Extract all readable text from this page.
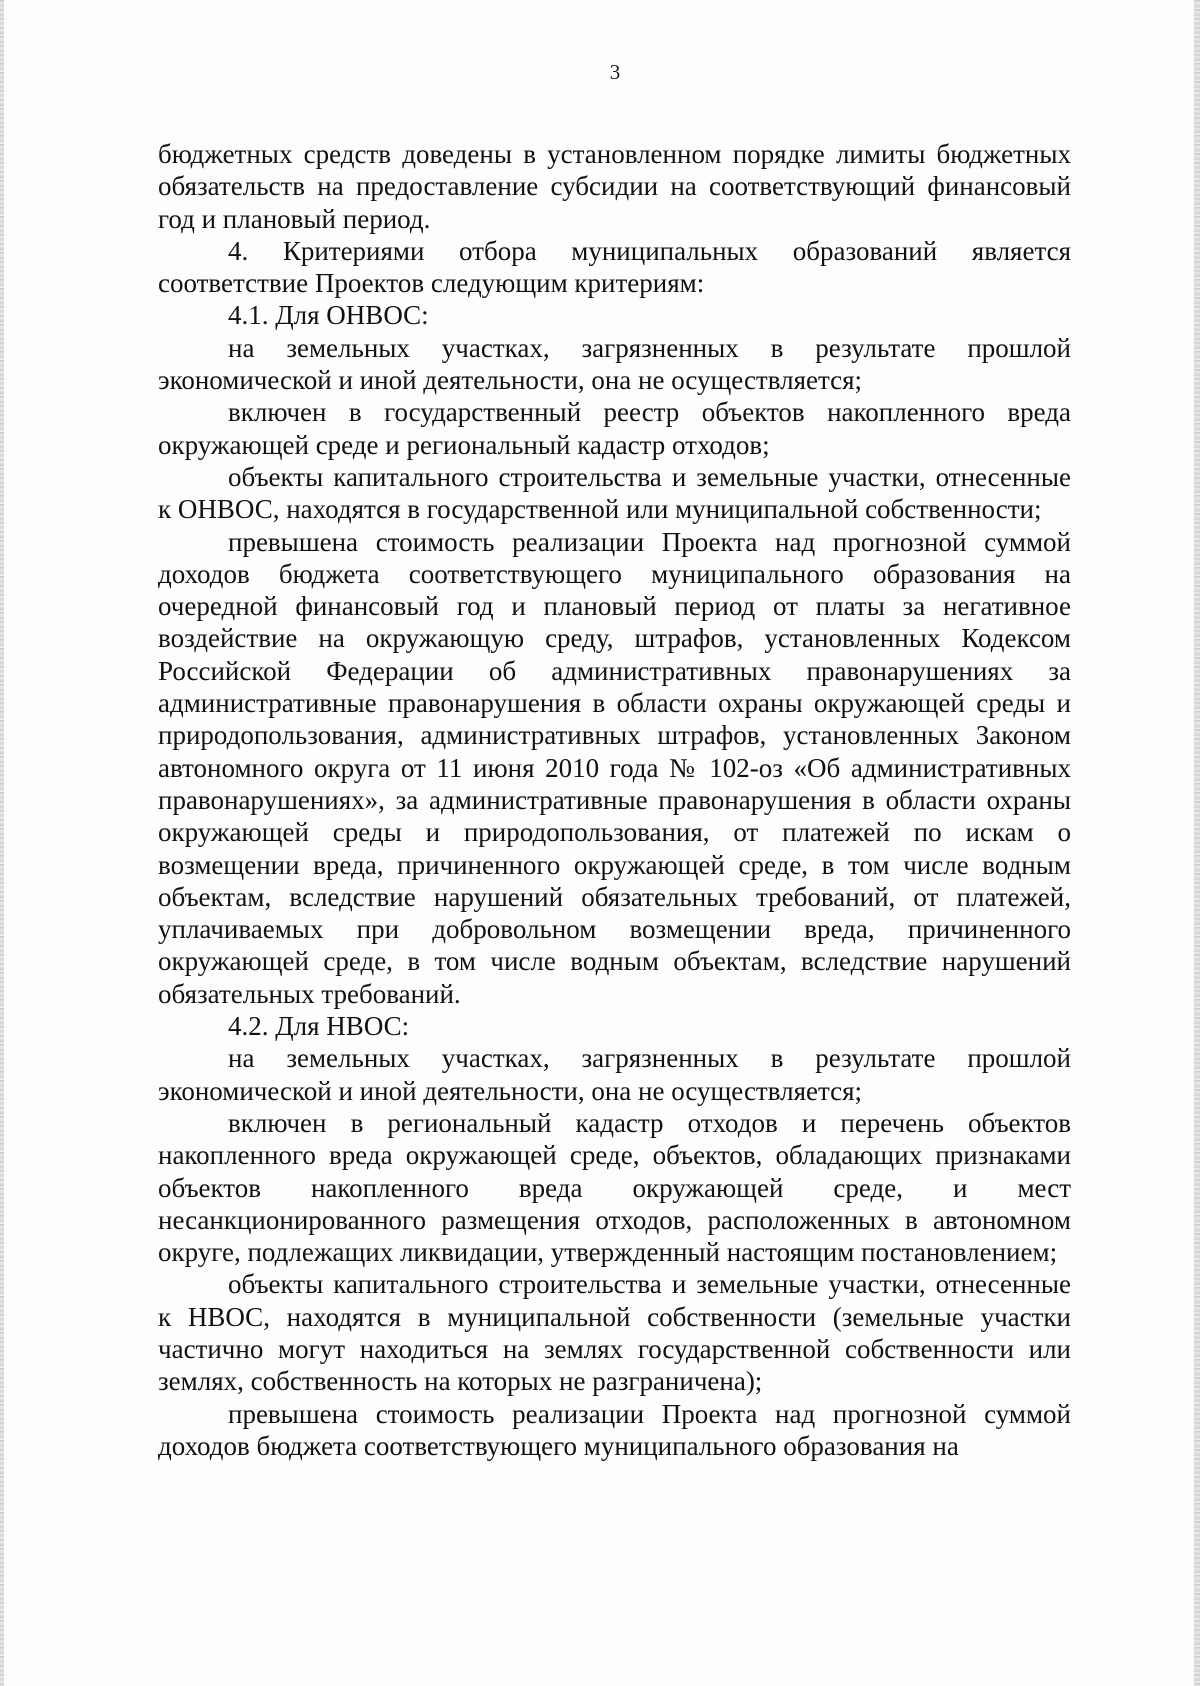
3

бюджетных средств доведены в установленном порядке лимиты бюджетных обязательств на предоставление субсидии на соответствующий финансовый год и плановый период.

4. Критериями отбора муниципальных образований является соответствие Проектов следующим критериям:

4.1. Для ОНВОС:

на земельных участках, загрязненных в результате прошлой экономической и иной деятельности, она не осуществляется;

включен в государственный реестр объектов накопленного вреда окружающей среде и региональный кадастр отходов;

объекты капитального строительства и земельные участки, отнесенные к ОНВОС, находятся в государственной или муниципальной собственности;

превышена стоимость реализации Проекта над прогнозной суммой доходов бюджета соответствующего муниципального образования на очередной финансовый год и плановый период от платы за негативное воздействие на окружающую среду, штрафов, установленных Кодексом Российской Федерации об административных правонарушениях за административные правонарушения в области охраны окружающей среды и природопользования, административных штрафов, установленных Законом автономного округа от 11 июня 2010 года № 102-оз «Об административных правонарушениях», за административные правонарушения в области охраны окружающей среды и природопользования, от платежей по искам о возмещении вреда, причиненного окружающей среде, в том числе водным объектам, вследствие нарушений обязательных требований, от платежей, уплачиваемых при добровольном возмещении вреда, причиненного окружающей среде, в том числе водным объектам, вследствие нарушений обязательных требований.

4.2. Для НВОС:

на земельных участках, загрязненных в результате прошлой экономической и иной деятельности, она не осуществляется;

включен в региональный кадастр отходов и перечень объектов накопленного вреда окружающей среде, объектов, обладающих признаками объектов накопленного вреда окружающей среде, и мест несанкционированного размещения отходов, расположенных в автономном округе, подлежащих ликвидации, утвержденный настоящим постановлением;

объекты капитального строительства и земельные участки, отнесенные к НВОС, находятся в муниципальной собственности (земельные участки частично могут находиться на землях государственной собственности или землях, собственность на которых не разграничена);

превышена стоимость реализации Проекта над прогнозной суммой доходов бюджета соответствующего муниципального образования на
